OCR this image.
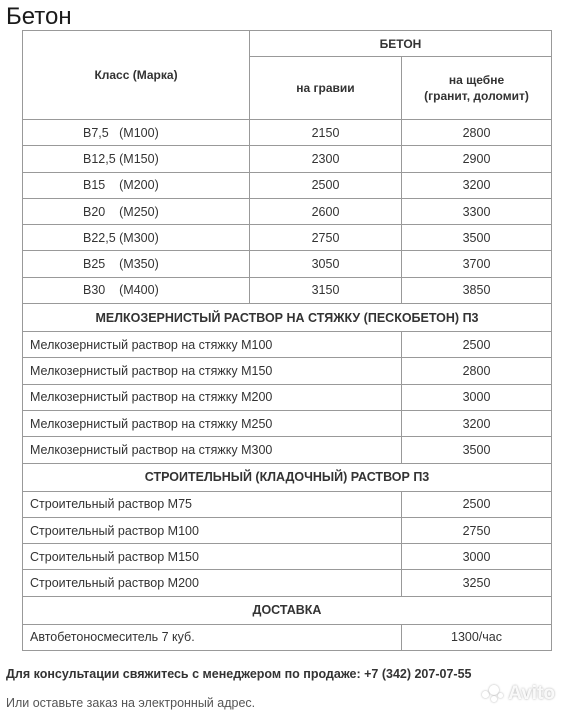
Бетон
Класс (Марка)	БЕТОН	
	на гравии	на щебне
(гранит, доломит)
В7,5   (М100)	2150	2800
В12,5 (М150)	2300	2900
В15    (М200)	2500	3200
В20    (М250)	2600	3300
В22,5 (М300)	2750	3500
В25    (М350)	3050	3700
В30    (М400)	3150	3850
МЕЛКОЗЕРНИСТЫЙ РАСТВОР НА СТЯЖКУ (ПЕСКОБЕТОН) П3		
Мелкозернистый раствор на стяжку М100		2500
Мелкозернистый раствор на стяжку М150		2800
Мелкозернистый раствор на стяжку М200		3000
Мелкозернистый раствор на стяжку М250		3200
Мелкозернистый раствор на стяжку М300		3500
СТРОИТЕЛЬНЫЙ (КЛАДОЧНЫЙ) РАСТВОР П3		
Строительный раствор М75		2500
Строительный раствор М100		2750
Строительный раствор М150		3000
Строительный раствор М200		3250
ДОСТАВКА		
Автобетоносмеситель 7 куб.		1300/час
Для консультации свяжитесь с менеджером по продаже: +7 (342) 207-07-55
Или оставьте заказ на электронный адрес.	Avito
